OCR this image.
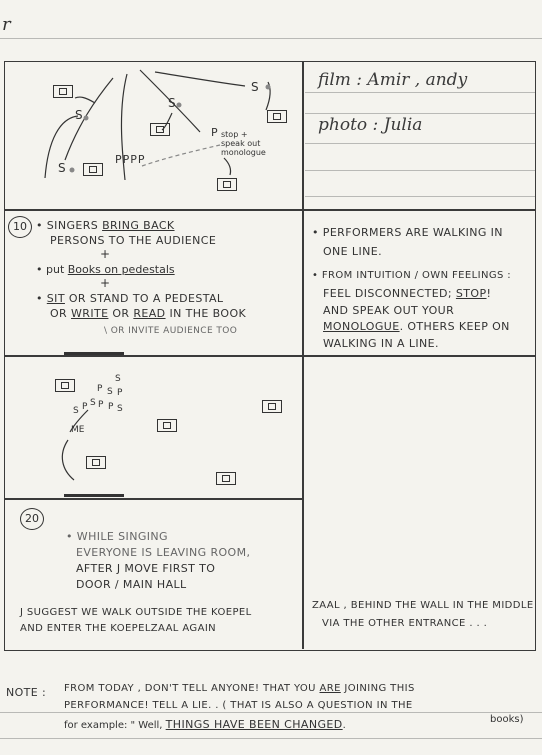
r
film : Amir , andy
photo : Julia
S
S
S
S
PPPP
P stop +
speak out
monologue
10 • SINGERS BRING BACK
PERSONS TO THE AUDIENCE
+
• put Books on pedestals
+
• SIT OR STAND TO A PEDESTAL
OR WRITE OR READ IN THE BOOK
\ OR INVITE AUDIENCE TOO
• PERFORMERS ARE WALKING IN
ONE LINE.
• FROM INTUITION / OWN FEELINGS :
FEEL DISCONNECTED; STOP!
AND SPEAK OUT YOUR
MONOLOGUE. OTHERS KEEP ON
WALKING IN A LINE.
S
P S P
S P S P P S
ME
20
• WHILE SINGING
EVERYONE IS LEAVING ROOM,
AFTER J MOVE FIRST TO
DOOR / MAIN HALL
J SUGGEST WE WALK OUTSIDE THE KOEPEL
AND ENTER THE KOEPELZAAL AGAIN
ZAAL , BEHIND THE WALL IN THE MIDDLE
VIA THE OTHER ENTRANCE . . .
NOTE : FROM TODAY , DON'T TELL ANYONE! THAT YOU ARE JOINING THIS
PERFORMANCE! TELL A LIE. . ( THAT IS ALSO A QUESTION IN THE
for example: " Well, THINGS HAVE BEEN CHANGED.
books)
